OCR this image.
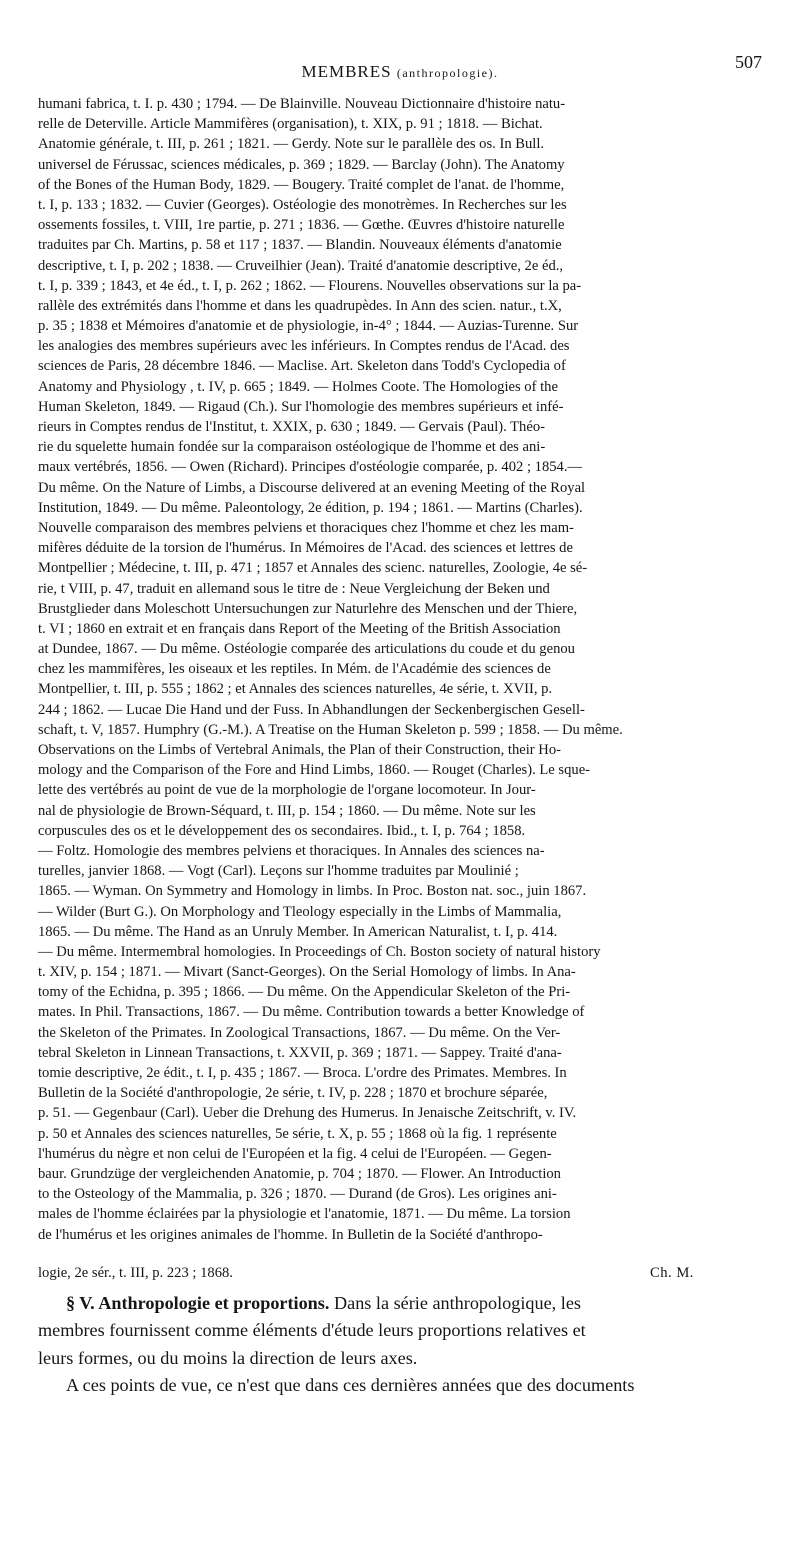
MEMBRES (anthropologie).
507
humani fabrica, t. I. p. 430 ; 1794. — De Blainville. Nouveau Dictionnaire d'histoire natu-
relle de Deterville. Article Mammifères (organisation), t. XIX, p. 91 ; 1818. — Bichat.
Anatomie générale, t. III, p. 261 ; 1821. — Gerdy. Note sur le parallèle des os. In Bull.
universel de Férussac, sciences médicales, p. 369 ; 1829. — Barclay (John). The Anatomy
of the Bones of the Human Body, 1829. — Bougery. Traité complet de l'anat. de l'homme,
t. I, p. 133 ; 1832. — Cuvier (Georges). Ostéologie des monotrèmes. In Recherches sur les
ossements fossiles, t. VIII, 1re partie, p. 271 ; 1836. — Gœthe. Œuvres d'histoire naturelle
traduites par Ch. Martins, p. 58 et 117 ; 1837. — Blandin. Nouveaux éléments d'anatomie
descriptive, t. I, p. 202 ; 1838. — Cruveilhier (Jean). Traité d'anatomie descriptive, 2e éd.,
t. I, p. 339 ; 1843, et 4e éd., t. I, p. 262 ; 1862. — Flourens. Nouvelles observations sur la pa-
rallèle des extrémités dans l'homme et dans les quadrupèdes. In Ann des scien. natur., t.X,
p. 35 ; 1838 et Mémoires d'anatomie et de physiologie, in-4° ; 1844. — Auzias-Turenne. Sur
les analogies des membres supérieurs avec les inférieurs. In Comptes rendus de l'Acad. des
sciences de Paris, 28 décembre 1846. — Maclise. Art. Skeleton dans Todd's Cyclopedia of
Anatomy and Physiology , t. IV, p. 665 ; 1849. — Holmes Coote. The Homologies of the
Human Skeleton, 1849. — Rigaud (Ch.). Sur l'homologie des membres supérieurs et infé-
rieurs in Comptes rendus de l'Institut, t. XXIX, p. 630 ; 1849. — Gervais (Paul). Théo-
rie du squelette humain fondée sur la comparaison ostéologique de l'homme et des ani-
maux vertébrés, 1856. — Owen (Richard). Principes d'ostéologie comparée, p. 402 ; 1854.—
Du même. On the Nature of Limbs, a Discourse delivered at an evening Meeting of the Royal
Institution, 1849. — Du même. Paleontology, 2e édition, p. 194 ; 1861. — Martins (Charles).
Nouvelle comparaison des membres pelviens et thoraciques chez l'homme et chez les mam-
mifères déduite de la torsion de l'humérus. In Mémoires de l'Acad. des sciences et lettres de
Montpellier ; Médecine, t. III, p. 471 ; 1857 et Annales des scienc. naturelles, Zoologie, 4e sé-
rie, t VIII, p. 47, traduit en allemand sous le titre de : Neue Vergleichung der Beken und
Brustglieder dans Moleschott Untersuchungen zur Naturlehre des Menschen und der Thiere,
t. VI ; 1860 en extrait et en français dans Report of the Meeting of the British Association
at Dundee, 1867. — Du même. Ostéologie comparée des articulations du coude et du genou
chez les mammifères, les oiseaux et les reptiles. In Mém. de l'Académie des sciences de
Montpellier, t. III, p. 555 ; 1862 ; et Annales des sciences naturelles, 4e série, t. XVII, p.
244 ; 1862. — Lucae Die Hand und der Fuss. In Abhandlungen der Seckenbergischen Gesell-
schaft, t. V, 1857. Humphry (G.-M.). A Treatise on the Human Skeleton p. 599 ; 1858. — Du même.
Observations on the Limbs of Vertebral Animals, the Plan of their Construction, their Ho-
mology and the Comparison of the Fore and Hind Limbs, 1860. — Rouget (Charles). Le sque-
lette des vertébrés au point de vue de la morphologie de l'organe locomoteur. In Jour-
nal de physiologie de Brown-Séquard, t. III, p. 154 ; 1860. — Du même. Note sur les
corpuscules des os et le développement des os secondaires. Ibid., t. I, p. 764 ; 1858.
— Foltz. Homologie des membres pelviens et thoraciques. In Annales des sciences na-
turelles, janvier 1868. — Vogt (Carl). Leçons sur l'homme traduites par Moulinié ;
1865. — Wyman. On Symmetry and Homology in limbs. In Proc. Boston nat. soc., juin 1867.
— Wilder (Burt G.). On Morphology and Tleology especially in the Limbs of Mammalia,
1865. — Du même. The Hand as an Unruly Member. In American Naturalist, t. I, p. 414.
— Du même. Intermembral homologies. In Proceedings of Ch. Boston society of natural history
t. XIV, p. 154 ; 1871. — Mivart (Sanct-Georges). On the Serial Homology of limbs. In Ana-
tomy of the Echidna, p. 395 ; 1866. — Du même. On the Appendicular Skeleton of the Pri-
mates. In Phil. Transactions, 1867. — Du même. Contribution towards a better Knowledge of
the Skeleton of the Primates. In Zoological Transactions, 1867. — Du même. On the Ver-
tebral Skeleton in Linnean Transactions, t. XXVII, p. 369 ; 1871. — Sappey. Traité d'ana-
tomie descriptive, 2e édit., t. I, p. 435 ; 1867. — Broca. L'ordre des Primates. Membres. In
Bulletin de la Société d'anthropologie, 2e série, t. IV, p. 228 ; 1870 et brochure séparée,
p. 51. — Gegenbaur (Carl). Ueber die Drehung des Humerus. In Jenaische Zeitschrift, v. IV.
p. 50 et Annales des sciences naturelles, 5e série, t. X, p. 55 ; 1868 où la fig. 1 représente
l'humérus du nègre et non celui de l'Européen et la fig. 4 celui de l'Européen. — Gegen-
baur. Grundzüge der vergleichenden Anatomie, p. 704 ; 1870. — Flower. An Introduction
to the Osteology of the Mammalia, p. 326 ; 1870. — Durand (de Gros). Les origines ani-
males de l'homme éclairées par la physiologie et l'anatomie, 1871. — Du même. La torsion
de l'humérus et les origines animales de l'homme. In Bulletin de la Société d'anthropo-
logie, 2e sér., t. III, p. 223 ; 1868.	Ch. M.
§ V. Anthropologie et proportions. Dans la série anthropologique, les
membres fournissent comme éléments d'étude leurs proportions relatives et
leurs formes, ou du moins la direction de leurs axes.
A ces points de vue, ce n'est que dans ces dernières années que des documents
